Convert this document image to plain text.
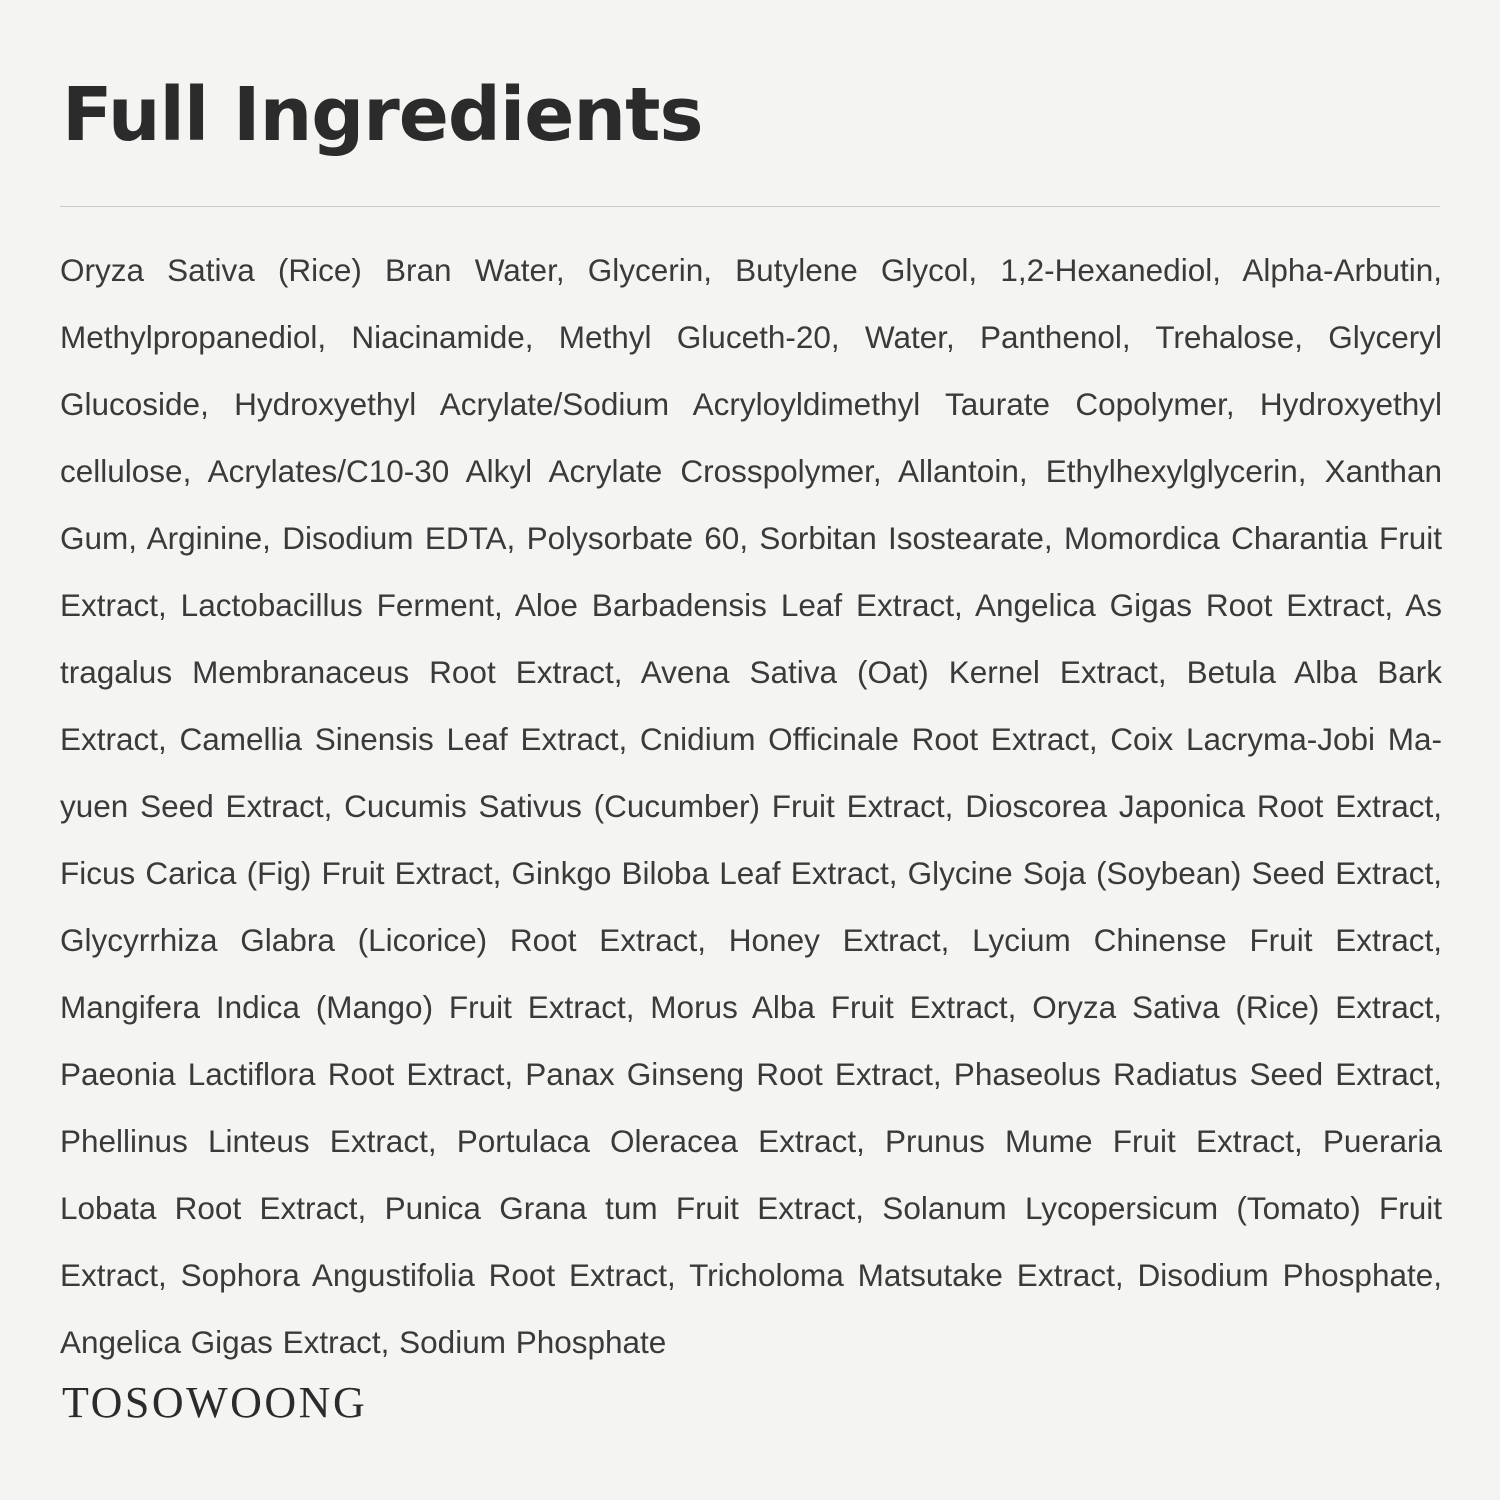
Full Ingredients

Oryza Sativa (Rice) Bran Water, Glycerin, Butylene Glycol, 1,2-Hexanediol, Alpha-Arbutin, Methylpropanediol, Niacinamide, Methyl Gluceth-20, Water, Panthenol, Trehalose, Glyceryl Glucoside, Hydroxyethyl Acrylate/Sodium Acryloyldimethyl Taurate Copolymer, Hydroxyethyl cellulose, Acrylates/C10-30 Alkyl Acrylate Crosspolymer, Allantoin, Ethylhexylglycerin, Xanthan Gum, Arginine, Disodium EDTA, Polysorbate 60, Sorbitan Isostearate, Momordica Charantia Fruit Extract, Lactobacillus Ferment, Aloe Barbadensis Leaf Extract, Angelica Gigas Root Extract, As tragalus Membranaceus Root Extract, Avena Sativa (Oat) Kernel Extract, Betula Alba Bark Extract, Camellia Sinensis Leaf Extract, Cnidium Officinale Root Extract, Coix Lacryma-Jobi Ma-yuen Seed Extract, Cucumis Sativus (Cucumber) Fruit Extract, Dioscorea Japonica Root Extract, Ficus Carica (Fig) Fruit Extract, Ginkgo Biloba Leaf Extract, Glycine Soja (Soybean) Seed Extract, Glycyrrhiza Glabra (Licorice) Root Extract, Honey Extract, Lycium Chinense Fruit Extract, Mangifera Indica (Mango) Fruit Extract, Morus Alba Fruit Extract, Oryza Sativa (Rice) Extract, Paeonia Lactiflora Root Extract, Panax Ginseng Root Extract, Phaseolus Radiatus Seed Extract, Phellinus Linteus Extract, Portulaca Oleracea Extract, Prunus Mume Fruit Extract, Pueraria Lobata Root Extract, Punica Grana tum Fruit Extract, Solanum Lycopersicum (Tomato) Fruit Extract, Sophora Angustifolia Root Extract, Tricholoma Matsutake Extract, Disodium Phosphate, Angelica Gigas Extract, Sodium Phosphate

TOSOWOONG
